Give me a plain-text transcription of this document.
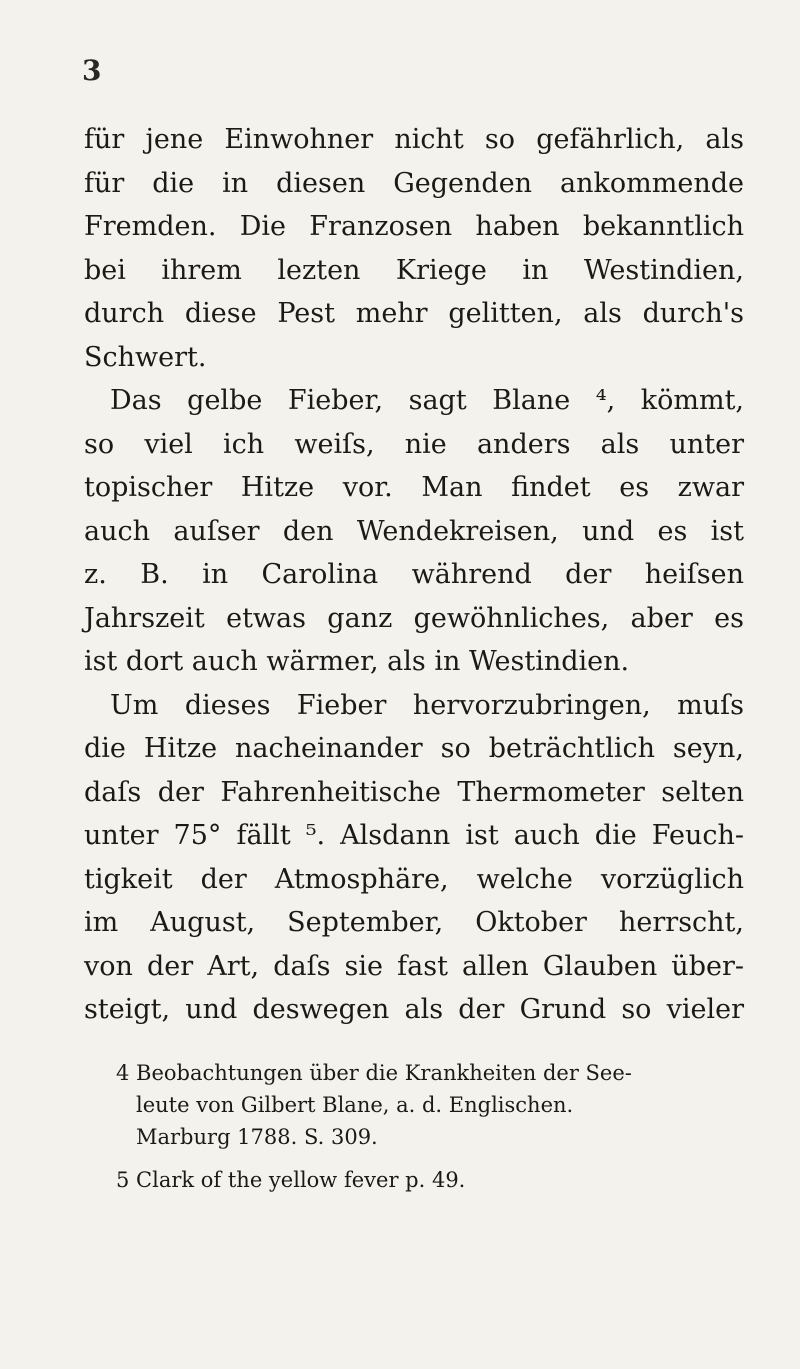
3
für jene Einwohner nicht so gefährlich, als
für die in diesen Gegenden ankommende
Fremden. Die Franzosen haben bekanntlich
bei ihrem lezten Kriege in Westindien,
durch diese Pest mehr gelitten, als durch's
Schwert.
Das gelbe Fieber, sagt Blane ⁴, kömmt,
so viel ich weiſs, nie anders als unter
topischer Hitze vor. Man findet es zwar
auch auſser den Wendekreisen, und es ist
z. B. in Carolina während der heiſsen
Jahrszeit etwas ganz gewöhnliches, aber es
ist dort auch wärmer, als in Westindien.
Um dieses Fieber hervorzubringen, muſs
die Hitze nacheinander so beträchtlich seyn,
daſs der Fahrenheitische Thermometer selten
unter 75° fällt ⁵. Alsdann ist auch die Feuch-
tigkeit der Atmosphäre, welche vorzüglich
im August, September, Oktober herrscht,
von der Art, daſs sie fast allen Glauben über-
steigt, und deswegen als der Grund so vieler
4 Beobachtungen über die Krankheiten der See-
leute von Gilbert Blane, a. d. Englischen.
Marburg 1788. S. 309.
5 Clark of the yellow fever p. 49.
